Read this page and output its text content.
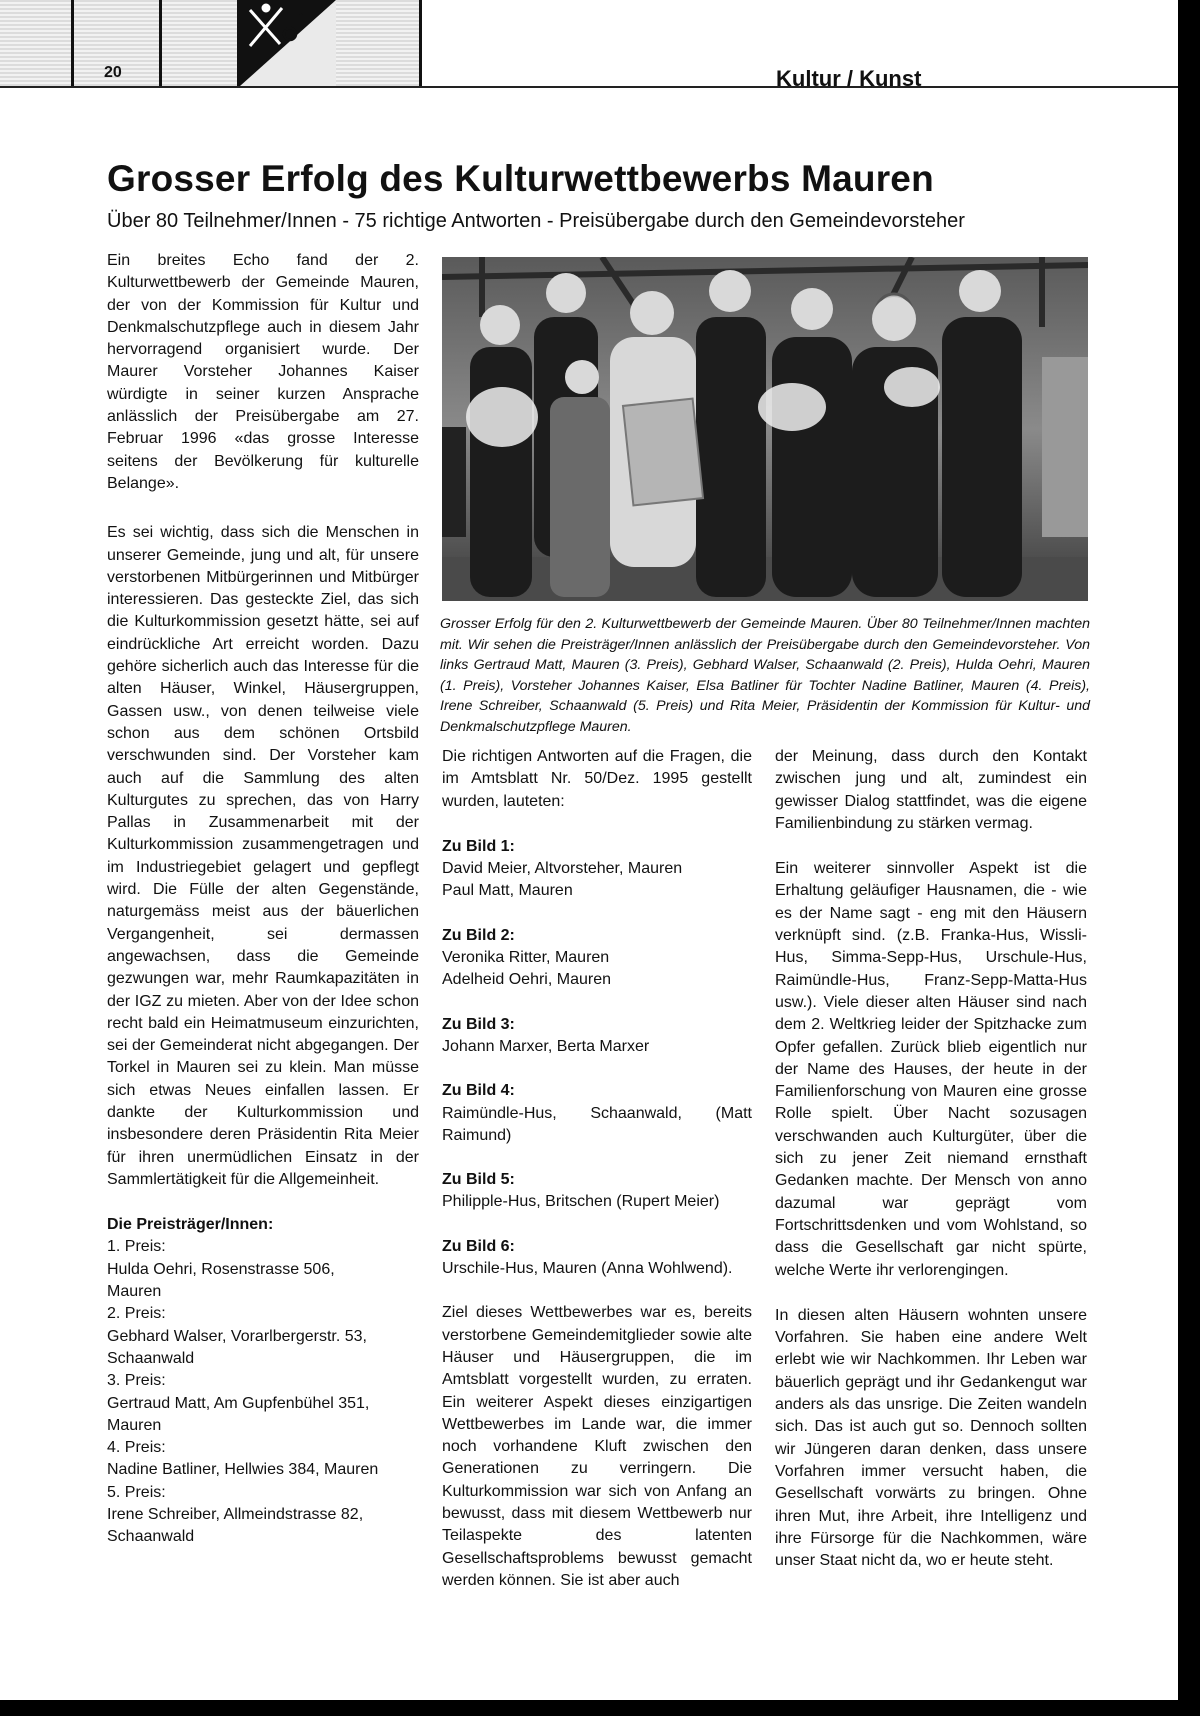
20	Kultur / Kunst
Grosser Erfolg des Kulturwettbewerbs Mauren
Über 80 Teilnehmer/Innen - 75 richtige Antworten - Preisübergabe durch den Gemeindevorsteher

Ein breites Echo fand der 2. Kulturwettbewerb der Gemeinde Mauren, der von der Kommission für Kultur und Denkmalschutzpflege auch in diesem Jahr hervorragend organisiert wurde. Der Maurer Vorsteher Johannes Kaiser würdigte in seiner kurzen Ansprache anlässlich der Preisübergabe am 27. Februar 1996 «das grosse Interesse seitens der Bevölkerung für kulturelle Belange».

Es sei wichtig, dass sich die Menschen in unserer Gemeinde, jung und alt, für unsere verstorbenen Mitbürgerinnen und Mitbürger interessieren. Das gesteckte Ziel, das sich die Kulturkommission gesetzt hätte, sei auf eindrückliche Art erreicht worden. Dazu gehöre sicherlich auch das Interesse für die alten Häuser, Winkel, Häusergruppen, Gassen usw., von denen teilweise viele schon aus dem schönen Ortsbild verschwunden sind. Der Vorsteher kam auch auf die Sammlung des alten Kulturgutes zu sprechen, das von Harry Pallas in Zusammenarbeit mit der Kulturkommission zusammengetragen und im Industriegebiet gelagert und gepflegt wird. Die Fülle der alten Gegenstände, naturgemäss meist aus der bäuerlichen Vergangenheit, sei dermassen angewachsen, dass die Gemeinde gezwungen war, mehr Raumkapazitäten in der IGZ zu mieten. Aber von der Idee schon recht bald ein Heimatmuseum einzurichten, sei der Gemeinderat nicht abgegangen. Der Torkel in Mauren sei zu klein. Man müsse sich etwas Neues einfallen lassen. Er dankte der Kulturkommission und insbesondere deren Präsidentin Rita Meier für ihren unermüdlichen Einsatz in der Sammlertätigkeit für die Allgemeinheit.

Die Preisträger/Innen:
1. Preis:
Hulda Oehri, Rosenstrasse 506,
Mauren
2. Preis:
Gebhard Walser, Vorarlbergerstr. 53,
Schaanwald
3. Preis:
Gertraud Matt, Am Gupfenbühel 351,
Mauren
4. Preis:
Nadine Batliner, Hellwies 384, Mauren
5. Preis:
Irene Schreiber, Allmeindstrasse 82,
Schaanwald
Grosser Erfolg für den 2. Kulturwettbewerb der Gemeinde Mauren. Über 80 Teilnehmer/Innen machten mit. Wir sehen die Preisträger/Innen anlässlich der Preisübergabe durch den Gemeindevorsteher. Von links Gertraud Matt, Mauren (3. Preis), Gebhard Walser, Schaanwald (2. Preis), Hulda Oehri, Mauren (1. Preis), Vorsteher Johannes Kaiser, Elsa Batliner für Tochter Nadine Batliner, Mauren (4. Preis), Irene Schreiber, Schaanwald (5. Preis) und Rita Meier, Präsidentin der Kommission für Kultur- und Denkmalschutzpflege Mauren.

Die richtigen Antworten auf die Fragen, die im Amtsblatt Nr. 50/Dez. 1995 gestellt wurden, lauteten:

Zu Bild 1:
David Meier, Altvorsteher, Mauren
Paul Matt, Mauren
Zu Bild 2:
Veronika Ritter, Mauren
Adelheid Oehri, Mauren
Zu Bild 3:
Johann Marxer, Berta Marxer
Zu Bild 4:
Raimündle-Hus, Schaanwald, (Matt Raimund)
Zu Bild 5:
Philipple-Hus, Britschen (Rupert Meier)
Zu Bild 6:
Urschile-Hus, Mauren (Anna Wohlwend).

Ziel dieses Wettbewerbes war es, bereits verstorbene Gemeindemitglieder sowie alte Häuser und Häusergruppen, die im Amtsblatt vorgestellt wurden, zu erraten. Ein weiterer Aspekt dieses einzigartigen Wettbewerbes im Lande war, die immer noch vorhandene Kluft zwischen den Generationen zu verringern. Die Kulturkommission war sich von Anfang an bewusst, dass mit diesem Wettbewerb nur Teilaspekte des latenten Gesellschaftsproblems bewusst gemacht werden können. Sie ist aber auch

der Meinung, dass durch den Kontakt zwischen jung und alt, zumindest ein gewisser Dialog stattfindet, was die eigene Familienbindung zu stärken vermag.

Ein weiterer sinnvoller Aspekt ist die Erhaltung geläufiger Hausnamen, die - wie es der Name sagt - eng mit den Häusern verknüpft sind. (z.B. Franka-Hus, Wissli-Hus, Simma-Sepp-Hus, Urschule-Hus, Raimündle-Hus, Franz-Sepp-Matta-Hus usw.). Viele dieser alten Häuser sind nach dem 2. Weltkrieg leider der Spitzhacke zum Opfer gefallen. Zurück blieb eigentlich nur der Name des Hauses, der heute in der Familienforschung von Mauren eine grosse Rolle spielt. Über Nacht sozusagen verschwanden auch Kulturgüter, über die sich zu jener Zeit niemand ernsthaft Gedanken machte. Der Mensch von anno dazumal war geprägt vom Fortschrittsdenken und vom Wohlstand, so dass die Gesellschaft gar nicht spürte, welche Werte ihr verlorengingen.

In diesen alten Häusern wohnten unsere Vorfahren. Sie haben eine andere Welt erlebt wie wir Nachkommen. Ihr Leben war bäuerlich geprägt und ihr Gedankengut war anders als das unsrige. Die Zeiten wandeln sich. Das ist auch gut so. Dennoch sollten wir Jüngeren daran denken, dass unsere Vorfahren immer versucht haben, die Gesellschaft vorwärts zu bringen. Ohne ihren Mut, ihre Arbeit, ihre Intelligenz und ihre Fürsorge für die Nachkommen, wäre unser Staat nicht da, wo er heute steht.
